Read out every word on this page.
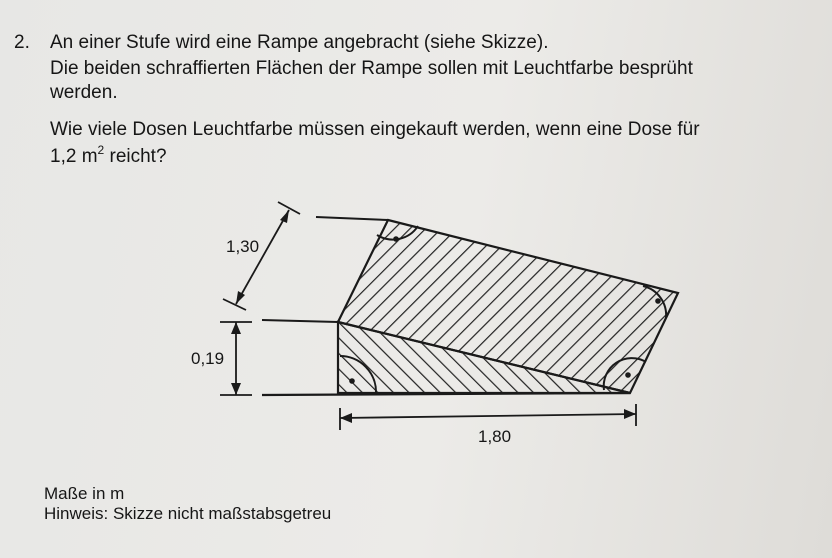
2. An einer Stufe wird eine Rampe angebracht (siehe Skizze).
Die beiden schraffierten Flächen der Rampe sollen mit Leuchtfarbe besprüht
werden.
Wie viele Dosen Leuchtfarbe müssen eingekauft werden, wenn eine Dose für
1,2 $m^2$ reicht?
1,30
0,19
1,80
Maße in m
Hinweis: Skizze nicht maßstabsgetreu
